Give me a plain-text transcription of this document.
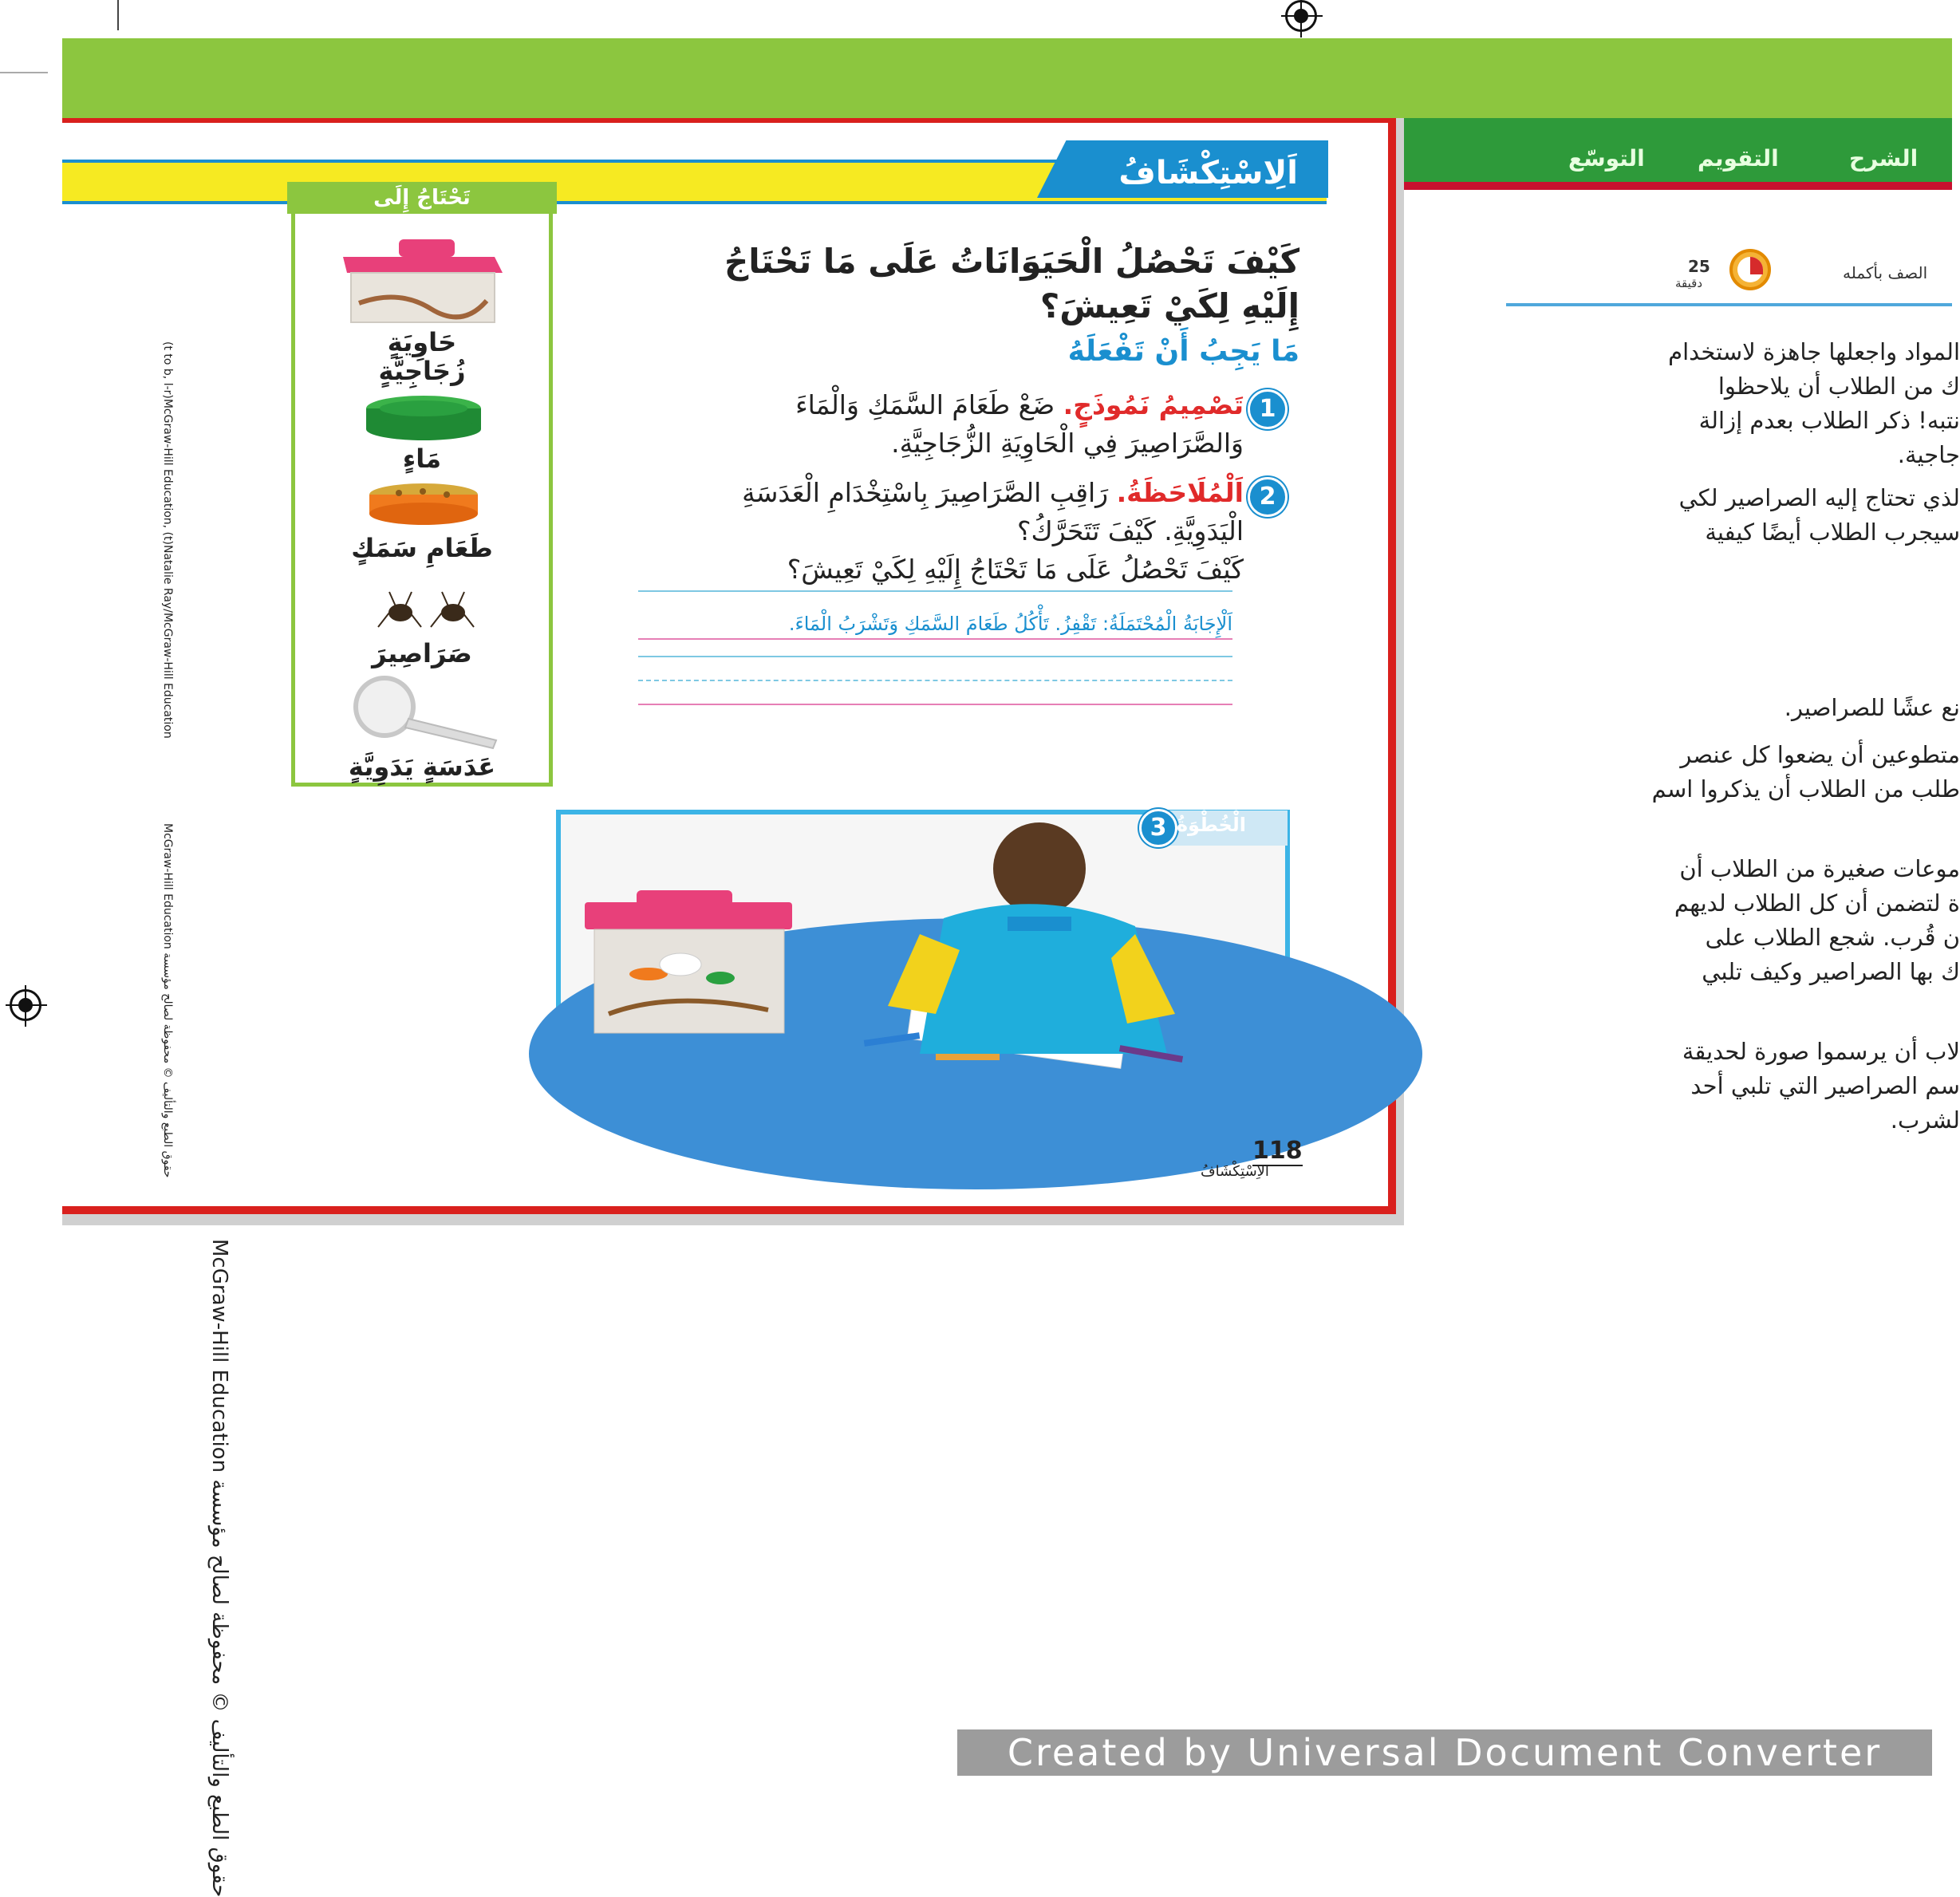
التوسّع التقويم	الشرح
25
دقيقة
الصف بأكمله
المواد واجعلها جاهزة لاستخدام
ك من الطلاب أن يلاحظوا
نتبه! ذكر الطلاب بعدم إزالة
جاجية.
لذي تحتاج إليه الصراصير لكي
سيجرب الطلاب أيضًا كيفية
نع عشًا للصراصير.
متطوعين أن يضعوا كل عنصر
طلب من الطلاب أن يذكروا اسم
موعات صغيرة من الطلاب أن
ة لتضمن أن كل الطلاب لديهم
ن قُرب. شجع الطلاب على
ك بها الصراصير وكيف تلبي
لاب أن يرسموا صورة لحديقة
سم الصراصير التي تلبي أحد
لشرب.
اَلِاسْتِكْشَافُ
تَحْتَاجُ إِلَى
حَاوِيَةٍ
زُجَاجِيَّةٍ
مَاءٍ
طَعَامِ سَمَكٍ
صَرَاصِيرَ
عَدَسَةٍ يَدَوِيَّةٍ
كَيْفَ تَحْصُلُ الْحَيَوَانَاتُ عَلَى مَا تَحْتَاجُ
إِلَيْهِ لِكَيْ تَعِيشَ؟
مَا يَجِبُ أَنْ تَفْعَلَهُ
1
تَصْمِيمُ نَمُوذَجٍ. ضَعْ طَعَامَ السَّمَكِ وَالْمَاءَ
وَالصَّرَاصِيرَ فِي الْحَاوِيَةِ الزُّجَاجِيَّةِ.
2
اَلْمُلَاحَظَةُ. رَاقِبِ الصَّرَاصِيرَ بِاسْتِخْدَامِ الْعَدَسَةِ
الْيَدَوِيَّةِ. كَيْفَ تَتَحَرَّكُ؟
كَيْفَ تَحْصُلُ عَلَى مَا تَحْتَاجُ إِلَيْهِ لِكَيْ تَعِيشَ؟
اَلْإِجَابَةُ الْمُحْتَمَلَةُ: تَقْفِزُ. تَأْكُلُ طَعَامَ السَّمَكِ وَتَشْرَبُ الْمَاءَ.
3 الْخُطْوَةُ
118
الاِسْتِكْشَافُ
(t to b, l-r)McGraw-Hill Education, (t)Natalie Ray/McGraw-Hill Education
McGraw-Hill Education حقوق الطبع والتأليف © محفوظة لصالح مؤسسة
McGraw-Hill Education حقوق الطبع والتأليف © محفوظة لصالح مؤسسة	Created by Universal Document Converter
